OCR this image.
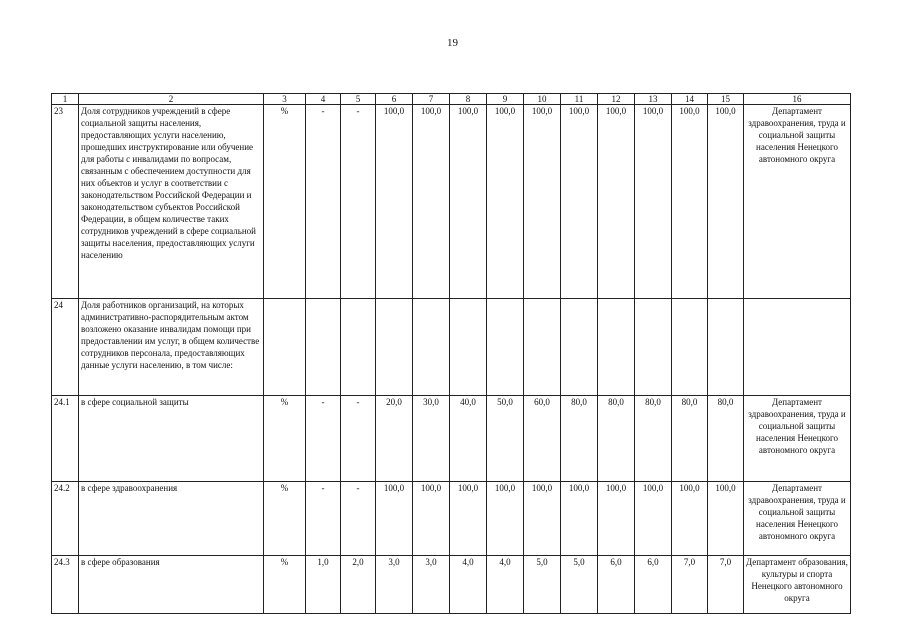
19
1	2	3	4	5	6	7	8	9	10	11	12	13	14	15	16
23	Доля сотрудников учреждений в сфере социальной защиты населения, предоставляющих услуги населению, прошедших инструктирование или обучение для работы с инвалидами по вопросам, связанным с обеспечением доступности для них объектов и услуг в соответствии с законодательством Российской Федерации и законодательством субъектов Российской Федерации, в общем количестве таких сотрудников учреждений в сфере социальной защиты населения, предоставляющих услуги населению	%	-	-	100,0	100,0	100,0	100,0	100,0	100,0	100,0	100,0	100,0	100,0	Департамент здравоохранения, труда и социальной защиты населения Ненецкого автономного округа
24	Доля работников организаций, на которых административно-распорядительным актом возложено оказание инвалидам помощи при предоставлении им услуг, в общем количестве сотрудников персонала, предоставляющих данные услуги населению, в том числе:														
24.1	в сфере социальной защиты	%	-	-	20,0	30,0	40,0	50,0	60,0	80,0	80,0	80,0	80,0	80,0	Департамент здравоохранения, труда и социальной защиты населения Ненецкого автономного округа
24.2	в сфере здравоохранения	%	-	-	100,0	100,0	100,0	100,0	100,0	100,0	100,0	100,0	100,0	100,0	Департамент здравоохранения, труда и социальной защиты населения Ненецкого автономного округа
24.3	в сфере образования	%	1,0	2,0	3,0	3,0	4,0	4,0	5,0	5,0	6,0	6,0	7,0	7,0	Департамент образования, культуры и спорта Ненецкого автономного округа
